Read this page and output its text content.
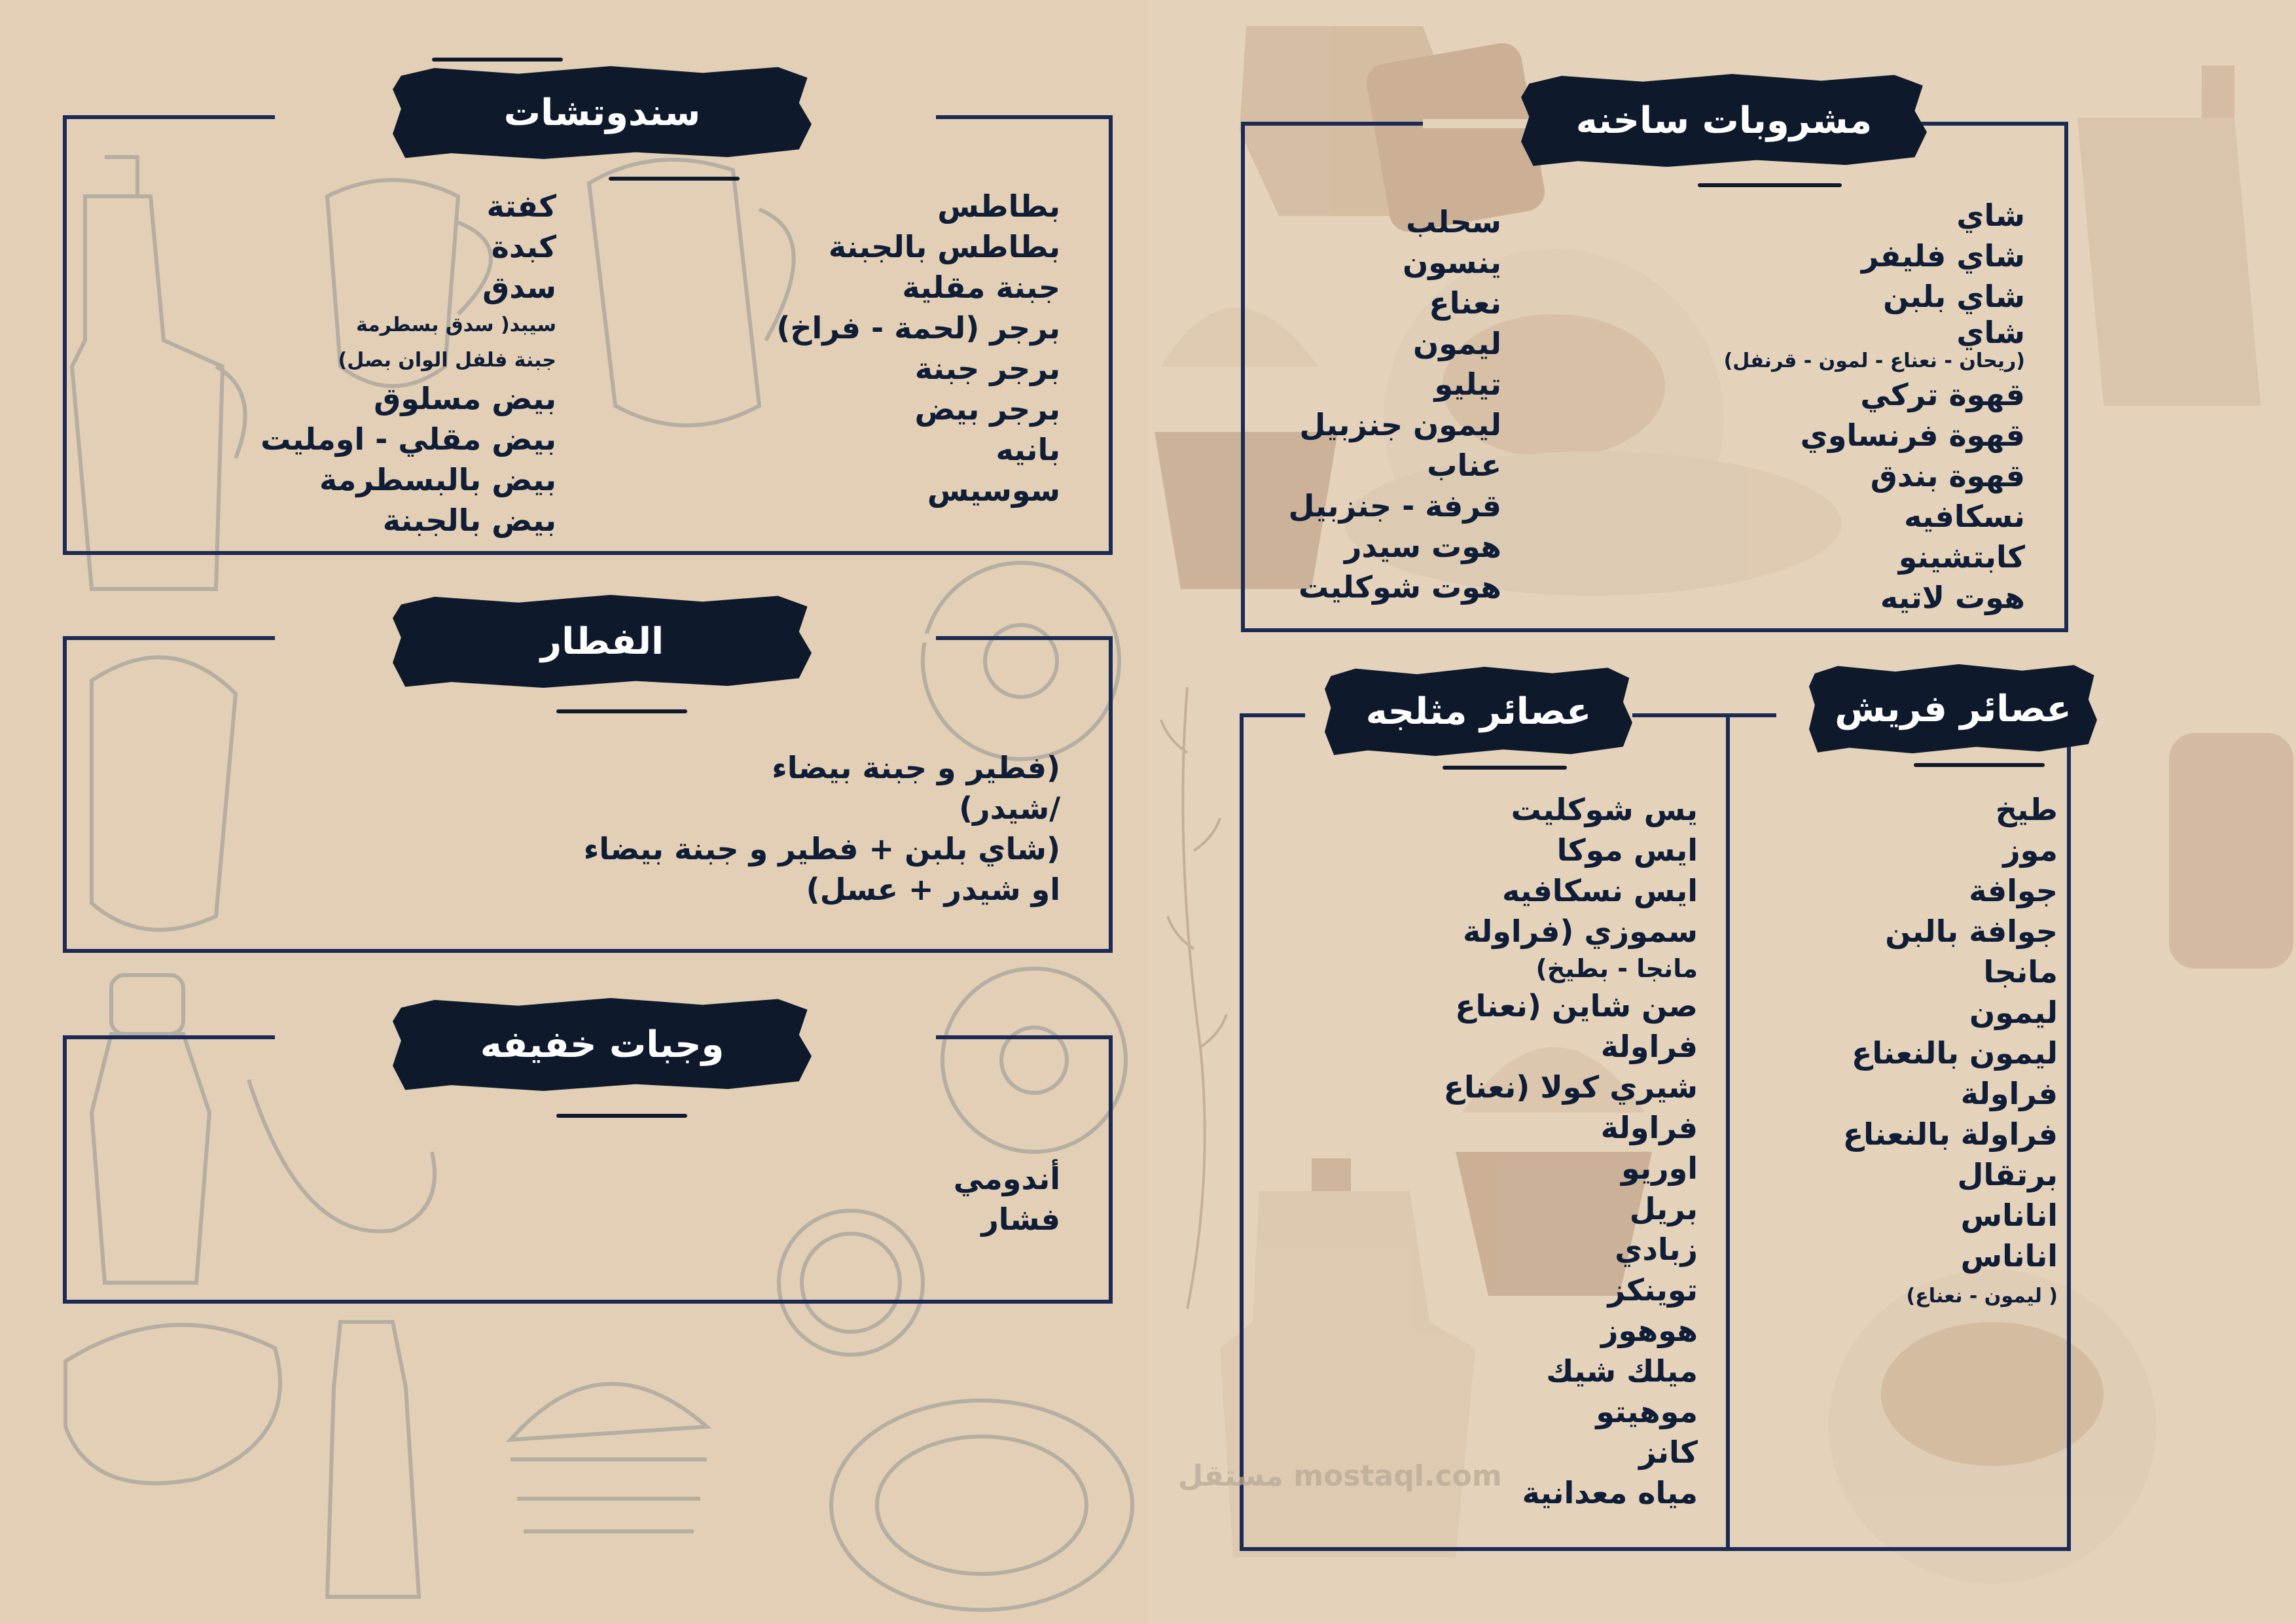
سندوتشات
بطاطس
بطاطس بالجبنة
جبنة مقلية
برجر (لحمة - فراخ)
برجر جبنة
برجر بيض
بانيه
سوسيس
كفتة
كبدة
سدق
سيبد( سدق بسطرمة
جبنة فلفل الوان بصل)
بيض مسلوق
بيض مقلي - اومليت
بيض بالبسطرمة
بيض بالجبنة
الفطار
(فطير و جبنة بيضاء
/شيدر)
(شاي بلبن + فطير و جبنة بيضاء
او شيدر + عسل)
وجبات خفيفه
أندومي
فشار
مشروبات ساخنه
شاي
شاي فليفر
شاي بلبن
شاي
(ريحان - نعناع - لمون - قرنفل)
قهوة تركي
قهوة فرنساوي
قهوة بندق
نسكافيه
كابتشينو
هوت لاتيه
سحلب
ينسون
نعناع
ليمون
تيليو
ليمون جنزبيل
عناب
قرفة - جنزبيل
هوت سيدر
هوت شوكليت
عصائر مثلجه
يس شوكليت
ايس موكا
ايس نسكافيه
سموزي (فراولة
مانجا - بطيخ)
صن شاين (نعناع
فراولة
شيري كولا (نعناع
فراولة
اوريو
بريل
زبادي
توينكز
هوهوز
ميلك شيك
موهيتو
كانز
مياه معدانية
عصائر فريش
طيخ
موز
جوافة
جوافة بالبن
مانجا
ليمون
ليمون بالنعناع
فراولة
فراولة بالنعناع
برتقال
اناناس
اناناس
( ليمون - نعناع)
مستقل mostaql.com
